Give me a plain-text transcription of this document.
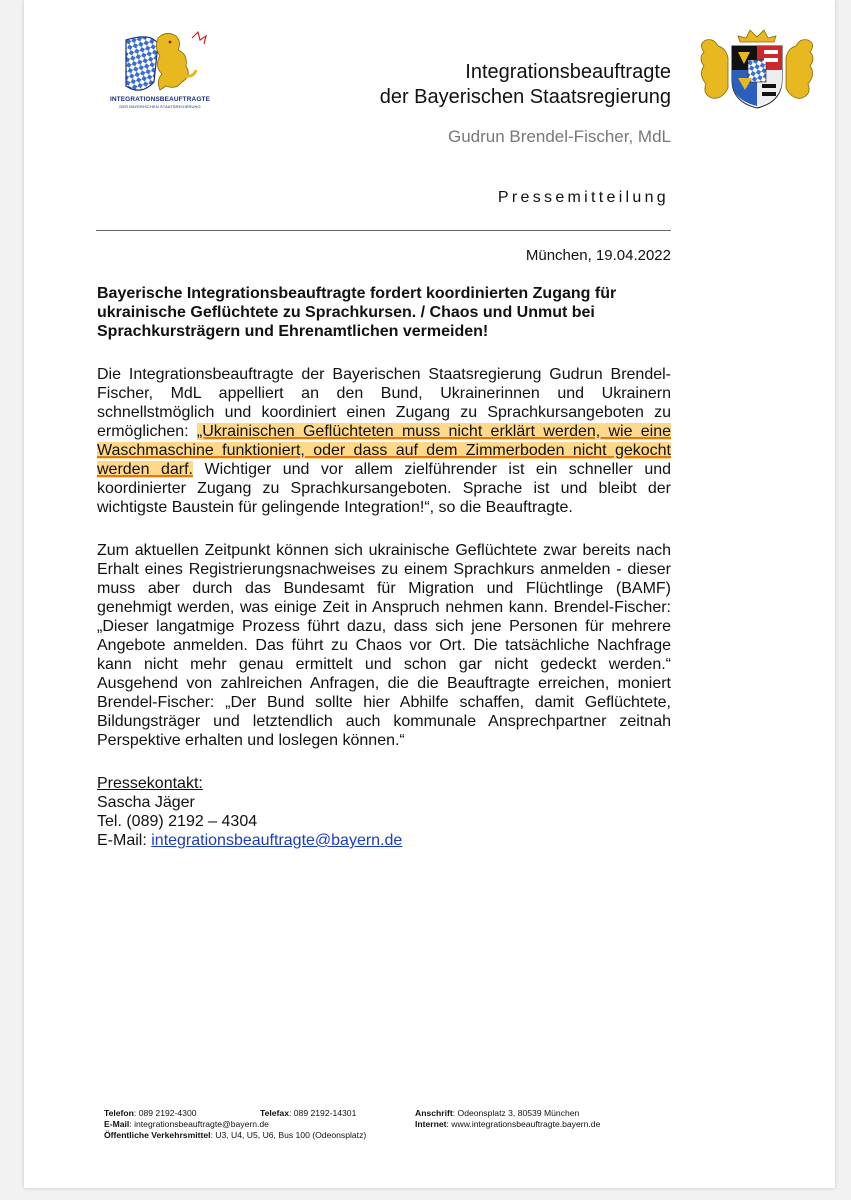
INTEGRATIONSBEAUFTRAGTE
DER BAYERISCHEN STAATSREGIERUNG
Integrationsbeauftragte
der Bayerischen Staatsregierung
Gudrun Brendel-Fischer, MdL
Pressemitteilung
München, 19.04.2022

Bayerische Integrationsbeauftragte fordert koordinierten Zugang für ukrainische Geflüchtete zu Sprachkursen. / Chaos und Unmut bei Sprachkursträgern und Ehrenamtlichen vermeiden!

Die Integrationsbeauftragte der Bayerischen Staatsregierung Gudrun Brendel-Fischer, MdL appelliert an den Bund, Ukrainerinnen und Ukrainern schnellstmöglich und koordiniert einen Zugang zu Sprachkursangeboten zu ermöglichen: „Ukrainischen Geflüchteten muss nicht erklärt werden, wie eine Waschmaschine funktioniert, oder dass auf dem Zimmerboden nicht gekocht werden darf. Wichtiger und vor allem zielführender ist ein schneller und koordinierter Zugang zu Sprachkursangeboten. Sprache ist und bleibt der wichtigste Baustein für gelingende Integration!“, so die Beauftragte.

Zum aktuellen Zeitpunkt können sich ukrainische Geflüchtete zwar bereits nach Erhalt eines Registrierungsnachweises zu einem Sprachkurs anmelden - dieser muss aber durch das Bundesamt für Migration und Flüchtlinge (BAMF) genehmigt werden, was einige Zeit in Anspruch nehmen kann. Brendel-Fischer: „Dieser langatmige Prozess führt dazu, dass sich jene Personen für mehrere Angebote anmelden. Das führt zu Chaos vor Ort. Die tatsächliche Nachfrage kann nicht mehr genau ermittelt und schon gar nicht gedeckt werden.“ Ausgehend von zahlreichen Anfragen, die die Beauftragte erreichen, moniert Brendel-Fischer: „Der Bund sollte hier Abhilfe schaffen, damit Geflüchtete, Bildungsträger und letztendlich auch kommunale Ansprechpartner zeitnah Perspektive erhalten und loslegen können.“

Pressekontakt:
Sascha Jäger
Tel. (089) 2192 – 4304
E-Mail: integrationsbeauftragte@bayern.de
Telefon: 089 2192-4300	Telefax: 089 2192-14301	Anschrift: Odeonsplatz 3, 80539 München
E-Mail: integrationsbeauftragte@bayern.de	Internet: www.integrationsbeauftragte.bayern.de
Öffentliche Verkehrsmittel: U3, U4, U5, U6, Bus 100 (Odeonsplatz)
